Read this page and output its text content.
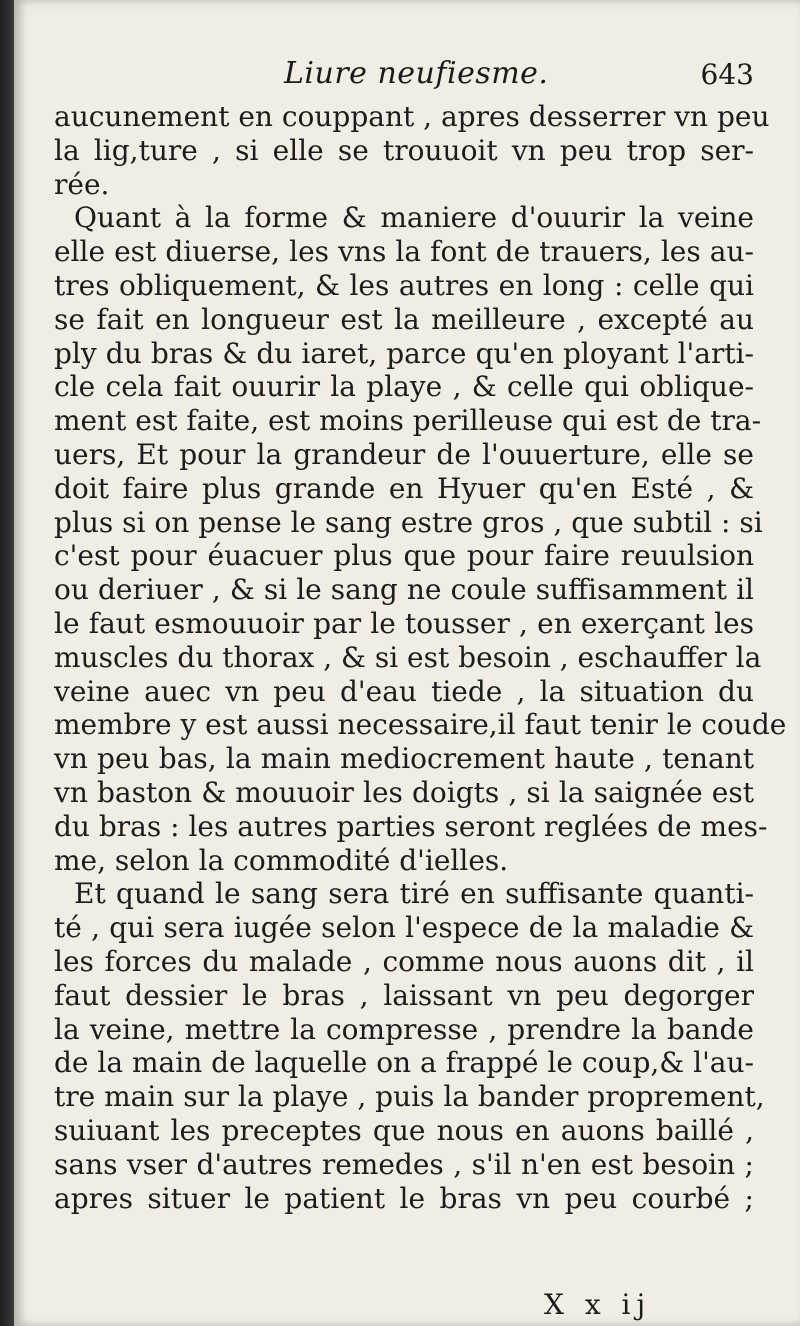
Liure neufiesme.	643
aucunement en couppant , apres desserrer vn peu
la lig,ture , si elle se trouuoit vn peu trop ser-
rée.
Quant à la forme & maniere d'ouurir la veine
elle est diuerse, les vns la font de trauers, les au-
tres obliquement, & les autres en long : celle qui
se fait en longueur est la meilleure , excepté au
ply du bras & du iaret, parce qu'en ployant l'arti-
cle cela fait ouurir la playe , & celle qui oblique-
ment est faite, est moins perilleuse qui est de tra-
uers, Et pour la grandeur de l'ouuerture, elle se
doit faire plus grande en Hyuer qu'en Esté , &
plus si on pense le sang estre gros , que subtil : si
c'est pour éuacuer plus que pour faire reuulsion
ou deriuer , & si le sang ne coule suffisamment il
le faut esmouuoir par le tousser , en exerçant les
muscles du thorax , & si est besoin , eschauffer la
veine auec vn peu d'eau tiede , la situation du
membre y est aussi necessaire,il faut tenir le coude
vn peu bas, la main mediocrement haute , tenant
vn baston & mouuoir les doigts , si la saignée est
du bras : les autres parties seront reglées de mes-
me, selon la commodité d'ielles.
Et quand le sang sera tiré en suffisante quanti-
té , qui sera iugée selon l'espece de la maladie &
les forces du malade , comme nous auons dit , il
faut dessier le bras , laissant vn peu degorger
la veine, mettre la compresse , prendre la bande
de la main de laquelle on a frappé le coup,& l'au-
tre main sur la playe , puis la bander proprement,
suiuant les preceptes que nous en auons baillé ,
sans vser d'autres remedes , s'il n'en est besoin ;
apres situer le patient le bras vn peu courbé ;
X x ij
